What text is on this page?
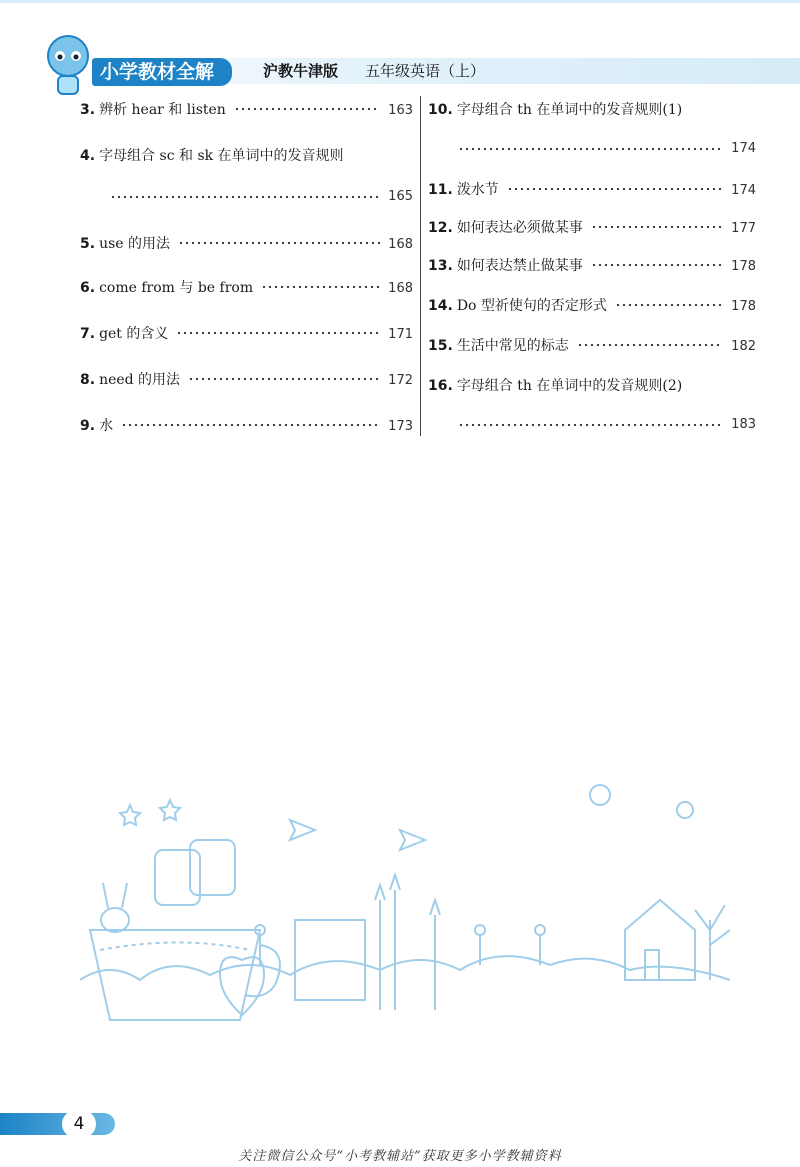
小学教材全解	沪教牛津版 五年级英语（上）
3. 辨析 hear 和 listen	163
4. 字母组合 sc 和 sk 在单词中的发音规则
165
5. use 的用法	168
6. come from 与 be from	168
7. get 的含义	171
8. need 的用法	172
9. 水	173
10. 字母组合 th 在单词中的发音规则(1)
174
11. 泼水节	174
12. 如何表达必须做某事	177
13. 如何表达禁止做某事	178
14. Do 型祈使句的否定形式	178
15. 生活中常见的标志	182
16. 字母组合 th 在单词中的发音规则(2)
183
4
关注微信公众号“小考教辅站”获取更多小学教辅资料
